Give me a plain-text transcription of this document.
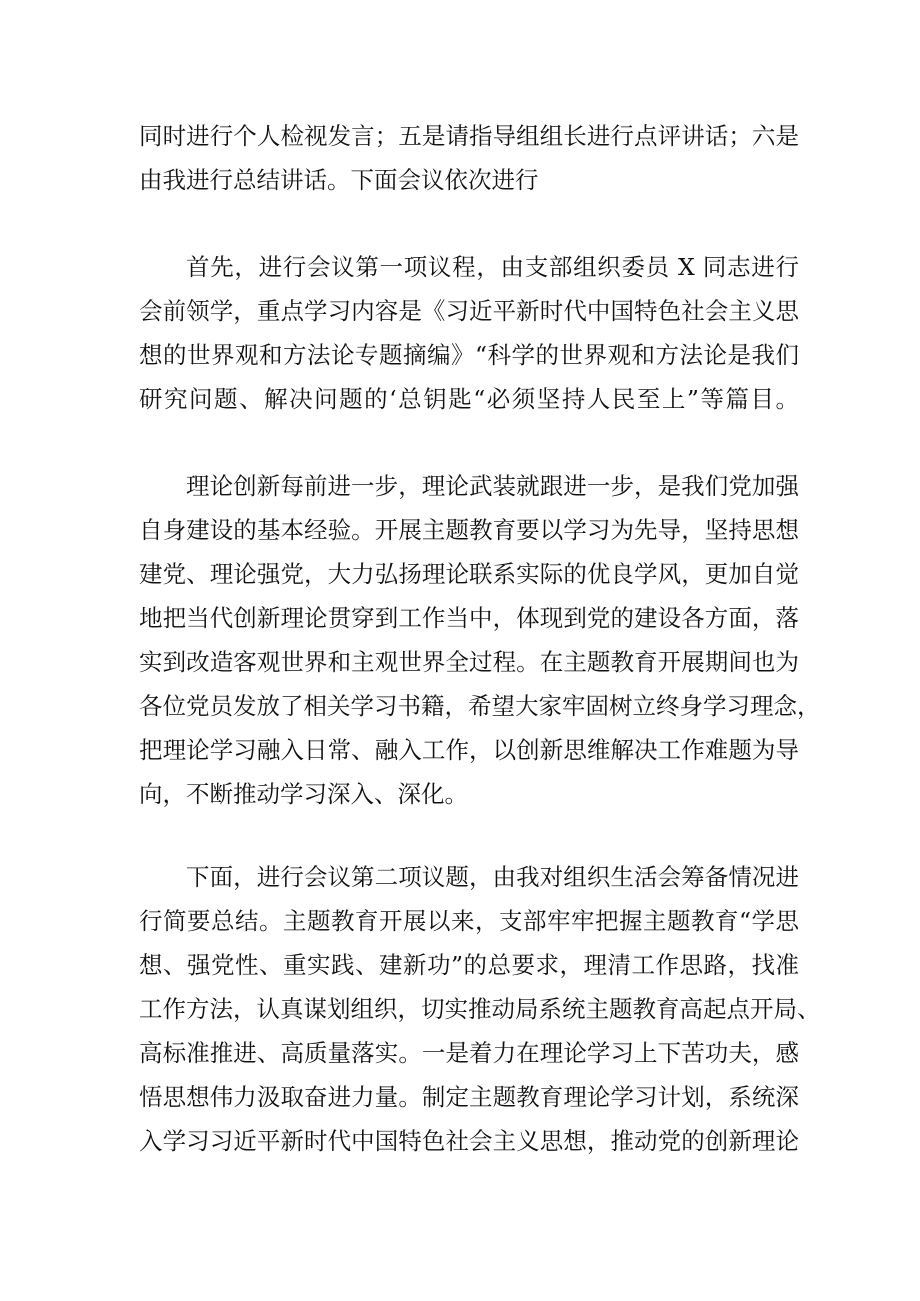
同时进行个人检视发言；五是请指导组组长进行点评讲话；六是
由我进行总结讲话。下面会议依次进行
首先，进行会议第一项议程，由支部组织委员 X 同志进行
会前领学，重点学习内容是《习近平新时代中国特色社会主义思
想的世界观和方法论专题摘编》“科学的世界观和方法论是我们
研究问题、解决问题的‘总钥匙“必须坚持人民至上”等篇目。
理论创新每前进一步，理论武装就跟进一步，是我们党加强
自身建设的基本经验。开展主题教育要以学习为先导，坚持思想
建党、理论强党，大力弘扬理论联系实际的优良学风，更加自觉
地把当代创新理论贯穿到工作当中，体现到党的建设各方面，落
实到改造客观世界和主观世界全过程。在主题教育开展期间也为
各位党员发放了相关学习书籍，希望大家牢固树立终身学习理念，
把理论学习融入日常、融入工作，以创新思维解决工作难题为导
向，不断推动学习深入、深化。
下面，进行会议第二项议题，由我对组织生活会筹备情况进
行简要总结。主题教育开展以来，支部牢牢把握主题教育“学思
想、强党性、重实践、建新功”的总要求，理清工作思路，找准
工作方法，认真谋划组织，切实推动局系统主题教育高起点开局、
高标准推进、高质量落实。一是着力在理论学习上下苦功夫，感
悟思想伟力汲取奋进力量。制定主题教育理论学习计划，系统深
入学习习近平新时代中国特色社会主义思想，推动党的创新理论
